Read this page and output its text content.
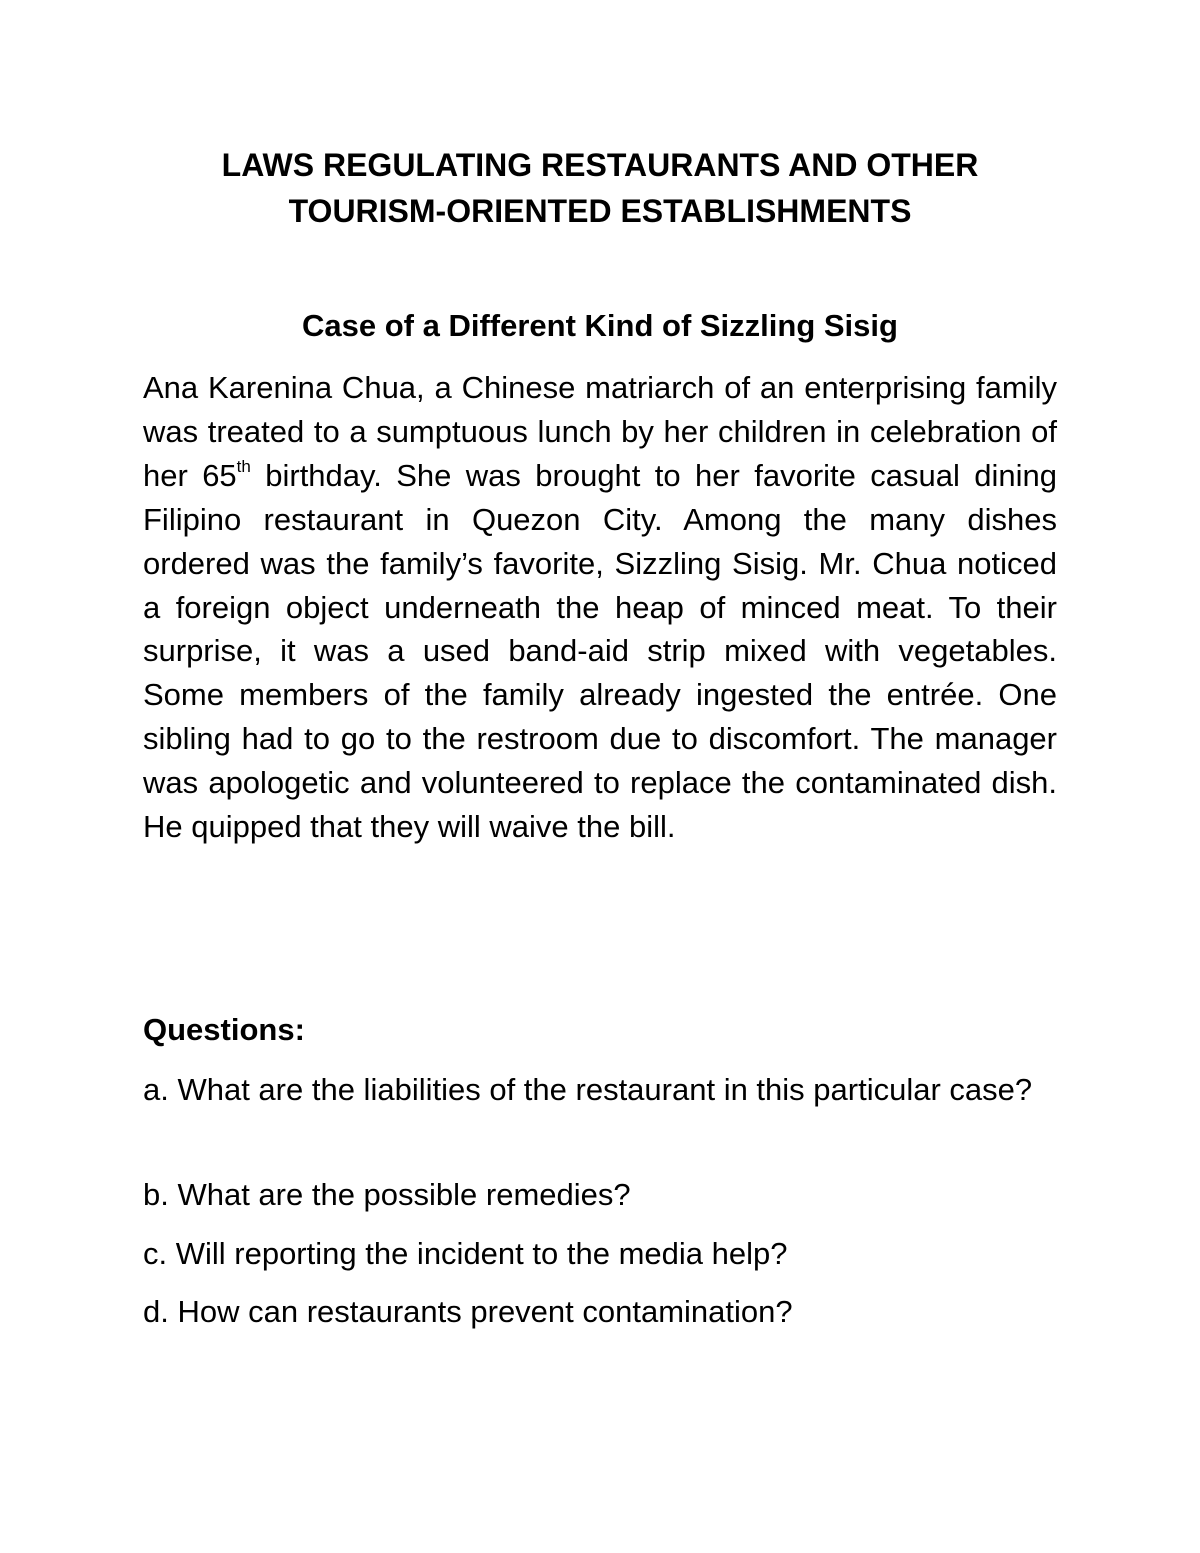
LAWS REGULATING RESTAURANTS AND OTHER
TOURISM-ORIENTED ESTABLISHMENTS
Case of a Different Kind of Sizzling Sisig

Ana Karenina Chua, a Chinese matriarch of an enterprising family was treated to a sumptuous lunch by her children in celebration of her 65th birthday. She was brought to her favorite casual dining Filipino restaurant in Quezon City. Among the many dishes ordered was the family’s favorite, Sizzling Sisig. Mr. Chua noticed a foreign object underneath the heap of minced meat. To their surprise, it was a used band-aid strip mixed with vegetables. Some members of the family already ingested the entrée. One sibling had to go to the restroom due to discomfort. The manager was apologetic and volunteered to replace the contaminated dish. He quipped that they will waive the bill.

Questions:

a. What are the liabilities of the restaurant in this particular case?

b. What are the possible remedies?

c. Will reporting the incident to the media help?

d. How can restaurants prevent contamination?
